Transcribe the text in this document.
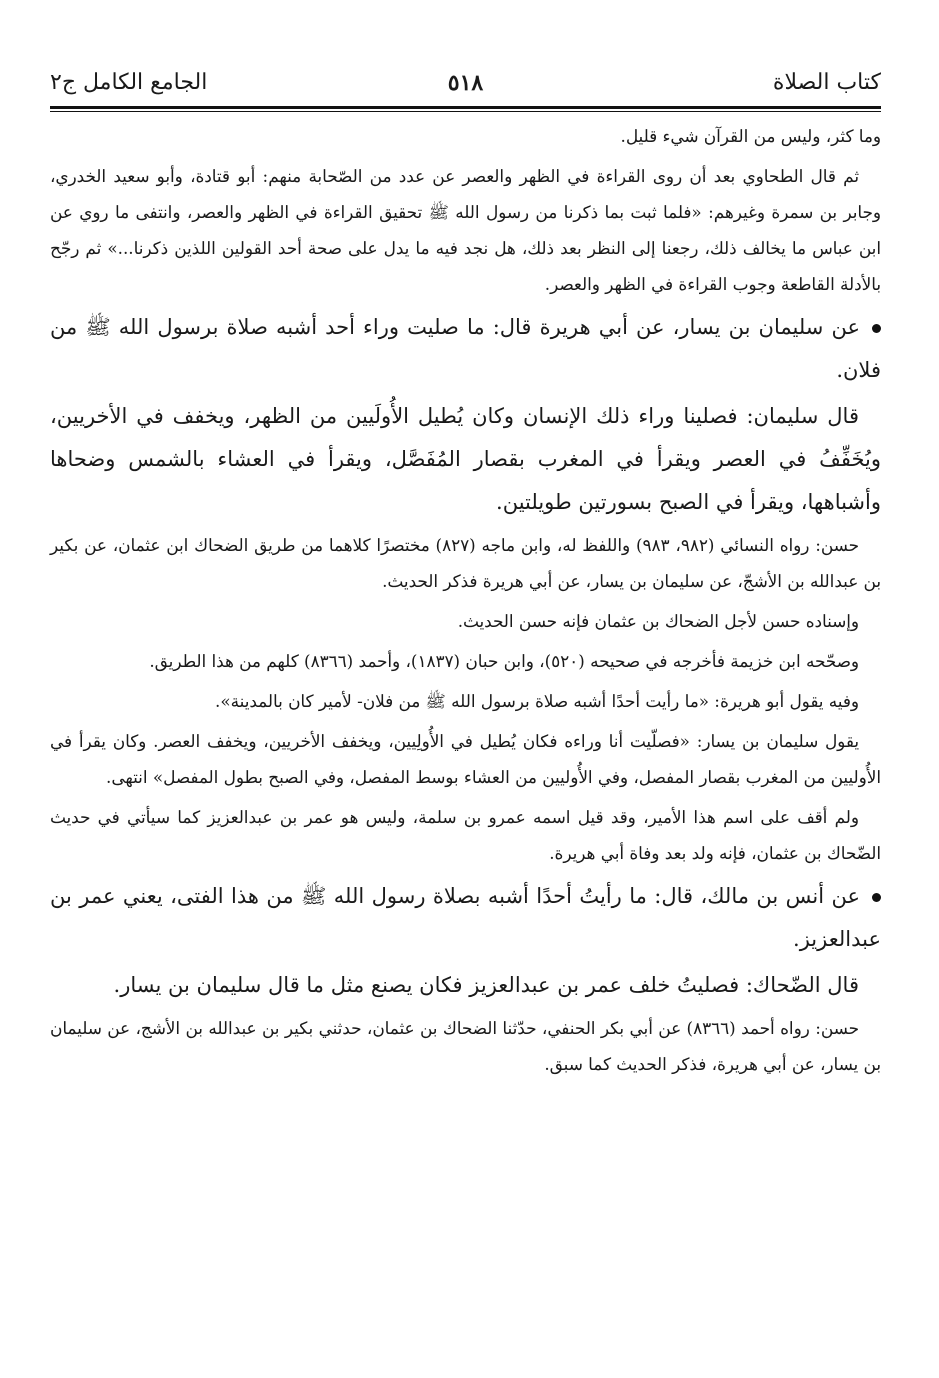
كتاب الصلاة
٥١٨
الجامع الكامل ج٢

وما كثر، وليس من القرآن شيء قليل.

ثم قال الطحاوي بعد أن روى القراءة في الظهر والعصر عن عدد من الصّحابة منهم: أبو قتادة، وأبو سعيد الخدري، وجابر بن سمرة وغيرهم: «فلما ثبت بما ذكرنا من رسول الله ﷺ تحقيق القراءة في الظهر والعصر، وانتفى ما روي عن ابن عباس ما يخالف ذلك، رجعنا إلى النظر بعد ذلك، هل نجد فيه ما يدل على صحة أحد القولين اللذين ذكرنا...» ثم رجّح بالأدلة القاطعة وجوب القراءة في الظهر والعصر.

عن سليمان بن يسار، عن أبي هريرة قال: ما صليت وراء أحد أشبه صلاة برسول الله ﷺ من فلان.

قال سليمان: فصلينا وراء ذلك الإنسان وكان يُطيل الأُولَيين من الظهر، ويخفف في الأخريين، ويُخَفِّفُ في العصر ويقرأ في المغرب بقصار المُفَصَّل، ويقرأ في العشاء بالشمس وضحاها وأشباهها، ويقرأ في الصبح بسورتين طويلتين.

حسن: رواه النسائي (٩٨٢، ٩٨٣) واللفظ له، وابن ماجه (٨٢٧) مختصرًا كلاهما من طريق الضحاك ابن عثمان، عن بكير بن عبدالله بن الأشجّ، عن سليمان بن يسار، عن أبي هريرة فذكر الحديث.

وإسناده حسن لأجل الضحاك بن عثمان فإنه حسن الحديث.

وصحّحه ابن خزيمة فأخرجه في صحيحه (٥٢٠)، وابن حبان (١٨٣٧)، وأحمد (٨٣٦٦) كلهم من هذا الطريق.

وفيه يقول أبو هريرة: «ما رأيت أحدًا أشبه صلاة برسول الله ﷺ من فلان- لأمير كان بالمدينة».

يقول سليمان بن يسار: «فصلّيت أنا وراءه فكان يُطيل في الأُولِيين، ويخفف الأخريين، ويخفف العصر. وكان يقرأ في الأُوليين من المغرب بقصار المفصل، وفي الأُوليين من العشاء بوسط المفصل، وفي الصبح بطول المفصل» انتهى.

ولم أقف على اسم هذا الأمير، وقد قيل اسمه عمرو بن سلمة، وليس هو عمر بن عبدالعزيز كما سيأتي في حديث الضّحاك بن عثمان، فإنه ولد بعد وفاة أبي هريرة.

عن أنس بن مالك، قال: ما رأيتُ أحدًا أشبه بصلاة رسول الله ﷺ من هذا الفتى، يعني عمر بن عبدالعزيز.

قال الضّحاك: فصليتُ خلف عمر بن عبدالعزيز فكان يصنع مثل ما قال سليمان بن يسار.

حسن: رواه أحمد (٨٣٦٦) عن أبي بكر الحنفي، حدّثنا الضحاك بن عثمان، حدثني بكير بن عبدالله بن الأشج، عن سليمان بن يسار، عن أبي هريرة، فذكر الحديث كما سبق.
